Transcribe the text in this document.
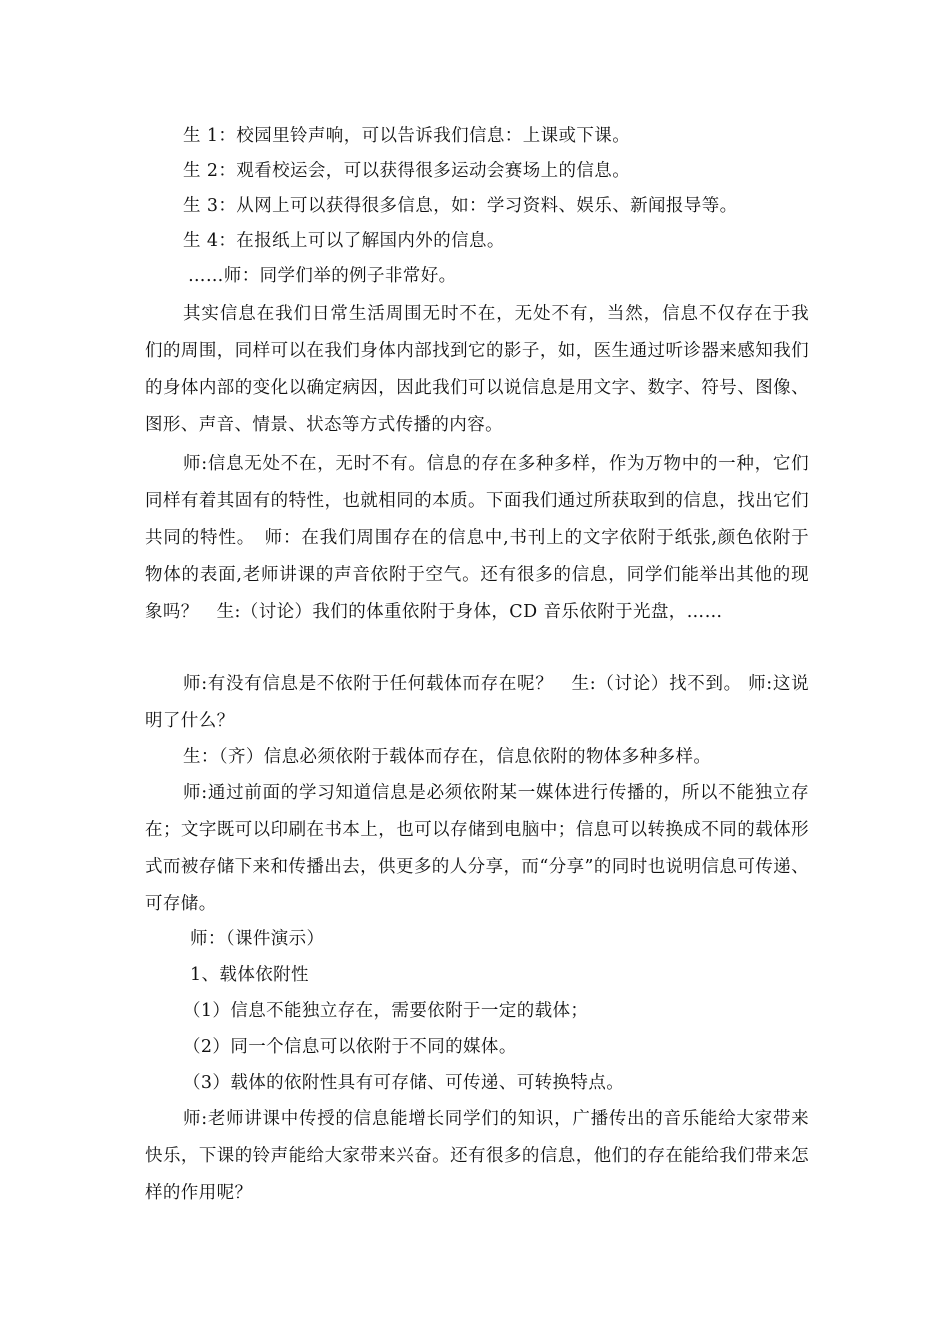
生 1：校园里铃声响，可以告诉我们信息：上课或下课。

生 2：观看校运会，可以获得很多运动会赛场上的信息。

生 3：从网上可以获得很多信息，如：学习资料、娱乐、新闻报导等。

生 4：在报纸上可以了解国内外的信息。

……师：同学们举的例子非常好。

其实信息在我们日常生活周围无时不在，无处不有，当然，信息不仅存在于我们的周围，同样可以在我们身体内部找到它的影子，如，医生通过听诊器来感知我们的身体内部的变化以确定病因，因此我们可以说信息是用文字、数字、符号、图像、图形、声音、情景、状态等方式传播的内容。

师:信息无处不在，无时不有。信息的存在多种多样，作为万物中的一种，它们同样有着其固有的特性，也就相同的本质。下面我们通过所获取到的信息，找出它们共同的特性。　师：在我们周围存在的信息中,书刊上的文字依附于纸张,颜色依附于物体的表面,老师讲课的声音依附于空气。还有很多的信息，同学们能举出其他的现象吗？　生:（讨论）我们的体重依附于身体，CD 音乐依附于光盘，……

师:有没有信息是不依附于任何载体而存在呢？　生:（讨论）找不到。 师:这说明了什么？

生：（齐）信息必须依附于载体而存在，信息依附的物体多种多样。

师:通过前面的学习知道信息是必须依附某一媒体进行传播的，所以不能独立存在；文字既可以印刷在书本上，也可以存储到电脑中；信息可以转换成不同的载体形式而被存储下来和传播出去，供更多的人分享，而“分享”的同时也说明信息可传递、可存储。

师：（课件演示）

1、载体依附性

（1）信息不能独立存在，需要依附于一定的载体；

（2）同一个信息可以依附于不同的媒体。

（3）载体的依附性具有可存储、可传递、可转换特点。

师:老师讲课中传授的信息能增长同学们的知识，广播传出的音乐能给大家带来快乐，下课的铃声能给大家带来兴奋。还有很多的信息，他们的存在能给我们带来怎样的作用呢？
